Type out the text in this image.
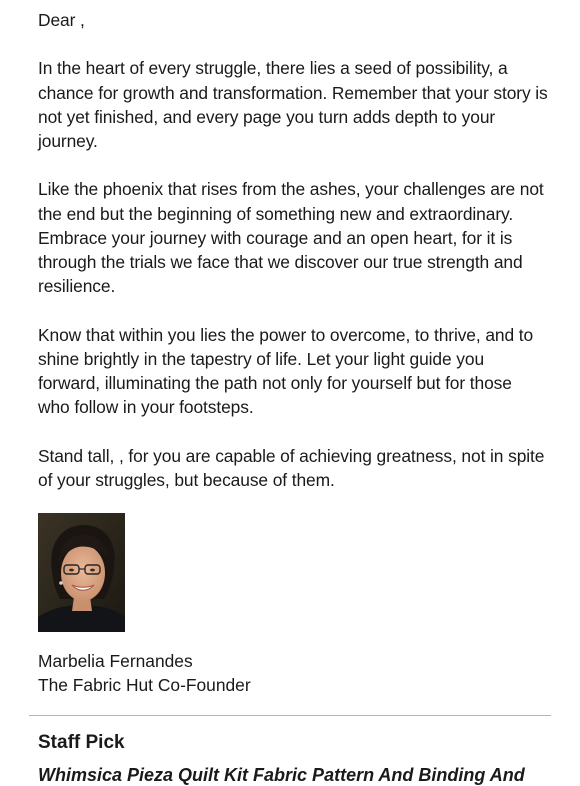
Dear ,

In the heart of every struggle, there lies a seed of possibility, a chance for growth and transformation. Remember that your story is not yet finished, and every page you turn adds depth to your journey.

Like the phoenix that rises from the ashes, your challenges are not the end but the beginning of something new and extraordinary. Embrace your journey with courage and an open heart, for it is through the trials we face that we discover our true strength and resilience.

Know that within you lies the power to overcome, to thrive, and to shine brightly in the tapestry of life. Let your light guide you forward, illuminating the path not only for yourself but for those who follow in your footsteps.

Stand tall, , for you are capable of achieving greatness, not in spite of your struggles, but because of them.

Marbelia Fernandes
The Fabric Hut Co-Founder
Staff Pick
Whimsica Pieza Quilt Kit Fabric Pattern And Binding And
